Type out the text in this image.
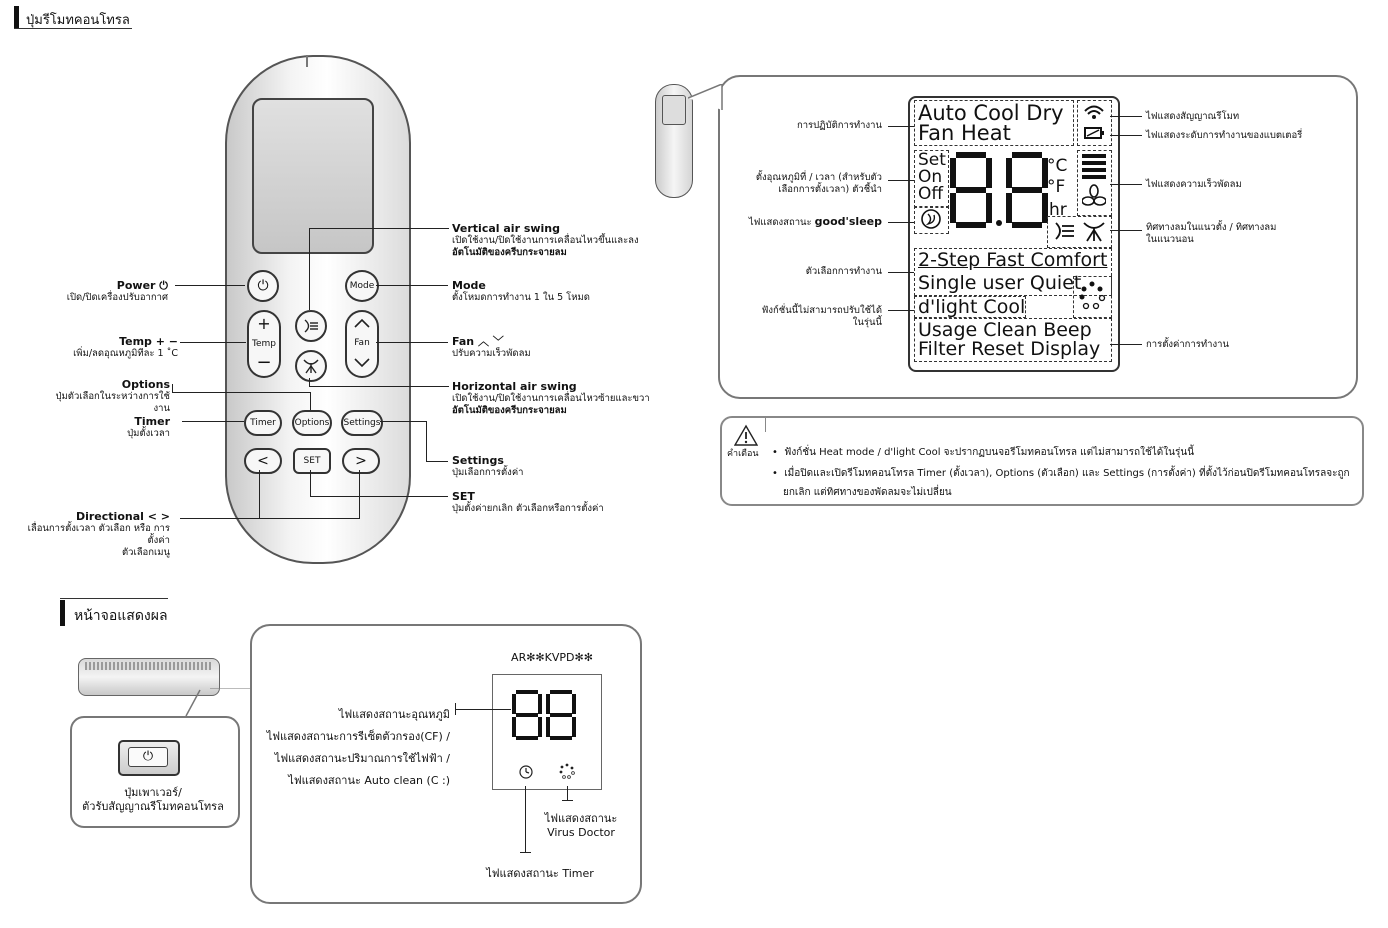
ปุ่มรีโมทคอนโทรล
⏻	Mode
+
Temp
−
Fan
Timer	Options Settings
<	SET	>
Power ⏻
เปิด/ปิดเครื่องปรับอากาศ
Temp + −
เพิ่ม/ลดอุณหภูมิทีละ 1 ˚C
Options
ปุ่มตัวเลือกในระหว่างการใช้งาน
Timer
ปุ่มตั้งเวลา
Directional < >
เลื่อนการตั้งเวลา ตัวเลือก หรือ การตั้งค่า
ตัวเลือกเมนู
Vertical air swing
เปิดใช้งาน/ปิดใช้งานการเคลื่อนไหวขึ้นและลง
อัตโนมัติของครีบกระจายลม
Mode
ตั้งโหมดการทำงาน 1 ใน 5 โหมด
Fan ︿ ﹀
ปรับความเร็วพัดลม
Horizontal air swing
เปิดใช้งาน/ปิดใช้งานการเคลื่อนไหวซ้ายและขวา
อัตโนมัติของครีบกระจายลม
Settings
ปุ่มเลือกการตั้งค่า
SET
ปุ่มตั้งค่ายกเลิก ตัวเลือกหรือการตั้งค่า
Auto Cool Dry
Fan Heat
Set
On
Off
°C
°F
hr
2-Step Fast Comfort
Single user Quiet
d'light Cool
Usage Clean Beep
Filter Reset Display
การปฏิบัติการทำงาน
ตั้งอุณหภูมิที่ / เวลา (สำหรับตัว
เลือกการตั้งเวลา) ตัวชี้นำ
ไฟแสดงสถานะ good'sleep
ตัวเลือกการทำงาน
ฟังก์ชั่นนี้ไม่สามารถปรับใช้ได้
ในรุ่นนี้
ไฟแสดงสัญญาณรีโมท
ไฟแสดงระดับการทำงานของแบตเตอรี่
ไฟแสดงความเร็วพัดลม
ทิศทางลมในแนวตั้ง / ทิศทางลม
ในแนวนอน
การตั้งค่าการทำงาน
คำเตือน	•  ฟังก์ชั่น Heat mode / d'light Cool จะปรากฏบนจอรีโมทคอนโทรล แต่ไม่สามารถใช้ได้ในรุ่นนี้
•  เมื่อปิดและเปิดรีโมทคอนโทรล Timer (ตั้งเวลา), Options (ตัวเลือก) และ Settings (การตั้งค่า) ที่ตั้งไว้ก่อนปิดรีโมทคอนโทรลจะถูก
ยกเลิก แต่ทิศทางของพัดลมจะไม่เปลี่ยน
หน้าจอแสดงผล
⏻
ปุ่มเพาเวอร์/
ตัวรับสัญญาณรีโมทคอนโทรล
AR✻✻KVPD✻✻
ไฟแสดงสถานะอุณหภูมิ
ไฟแสดงสถานะการรีเซ็ตตัวกรอง(CF) /
ไฟแสดงสถานะปริมาณการใช้ไฟฟ้า /
ไฟแสดงสถานะ Auto clean (C :)
ไฟแสดงสถานะ
Virus Doctor
ไฟแสดงสถานะ Timer
